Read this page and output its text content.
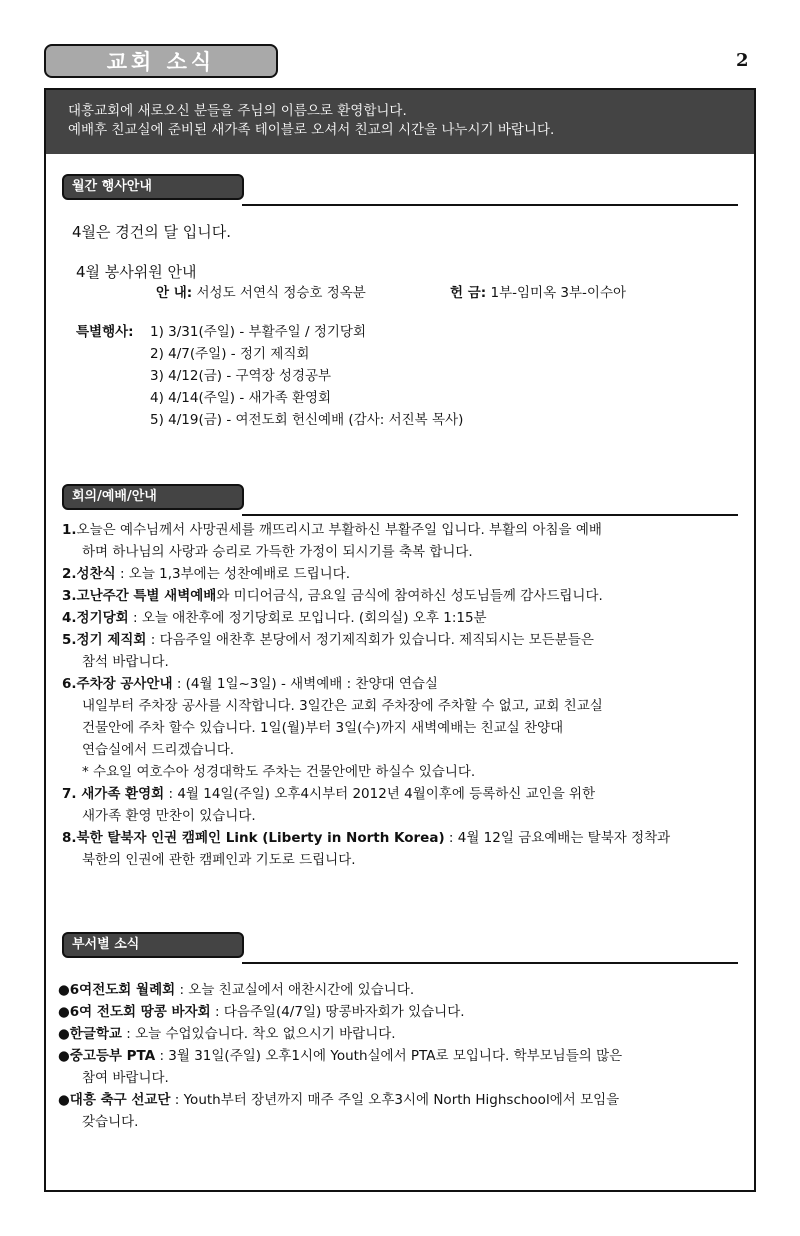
교회 소식	2
대흥교회에 새로오신 분들을 주님의 이름으로 환영합니다.
예배후 친교실에 준비된 새가족 테이블로 오셔서 친교의 시간을 나누시기 바랍니다.
월간 행사안내
4월은 경건의 달 입니다.
4월 봉사위원 안내
안 내: 서성도 서연식 정승호 정옥분	헌 금: 1부-임미옥 3부-이수아
특별행사: 1) 3/31(주일) - 부활주일 / 정기당회
2) 4/7(주일) - 정기 제직회
3) 4/12(금) - 구역장 성경공부
4) 4/14(주일) - 새가족 환영회
5) 4/19(금) - 여전도회 헌신예배 (감사: 서진복 목사)
회의/예배/안내
1.오늘은 예수님께서 사망권세를 깨뜨리시고 부활하신 부활주일 입니다. 부활의 아침을 예배
하며 하나님의 사랑과 승리로 가득한 가정이 되시기를 축복 합니다.
2.성찬식 : 오늘 1,3부에는 성찬예배로 드립니다.
3.고난주간 특별 새벽예배와 미디어금식, 금요일 금식에 참여하신 성도님들께 감사드립니다.
4.정기당회 : 오늘 애찬후에 정기당회로 모입니다. (회의실) 오후 1:15분
5.정기 제직회 : 다음주일 애찬후 본당에서 정기제직회가 있습니다. 제직되시는 모든분들은
참석 바랍니다.
6.주차장 공사안내 : (4월 1일~3일) - 새벽예배 : 찬양대 연습실
내일부터 주차장 공사를 시작합니다. 3일간은 교회 주차장에 주차할 수 없고, 교회 친교실
건물안에 주차 할수 있습니다. 1일(월)부터 3일(수)까지 새벽예배는 친교실 찬양대
연습실에서 드리겠습니다.
* 수요일 여호수아 성경대학도 주차는 건물안에만 하실수 있습니다.
7. 새가족 환영회 : 4월 14일(주일) 오후4시부터 2012년 4월이후에 등록하신 교인을 위한
새가족 환영 만찬이 있습니다.
8.북한 탈북자 인권 캠페인 Link (Liberty in North Korea) : 4월 12일 금요예배는 탈북자 정착과
북한의 인권에 관한 캠페인과 기도로 드립니다.
부서별 소식
●6여전도회 월례회 : 오늘 친교실에서 애찬시간에 있습니다.
●6여 전도회 땅콩 바자회 : 다음주일(4/7일) 땅콩바자회가 있습니다.
●한글학교 : 오늘 수업있습니다. 착오 없으시기 바랍니다.
●중고등부 PTA : 3월 31일(주일) 오후1시에 Youth실에서 PTA로 모입니다. 학부모님들의 많은
참여 바랍니다.
●대흥 축구 선교단 : Youth부터 장년까지 매주 주일 오후3시에 North Highschool에서 모임을
갖습니다.
